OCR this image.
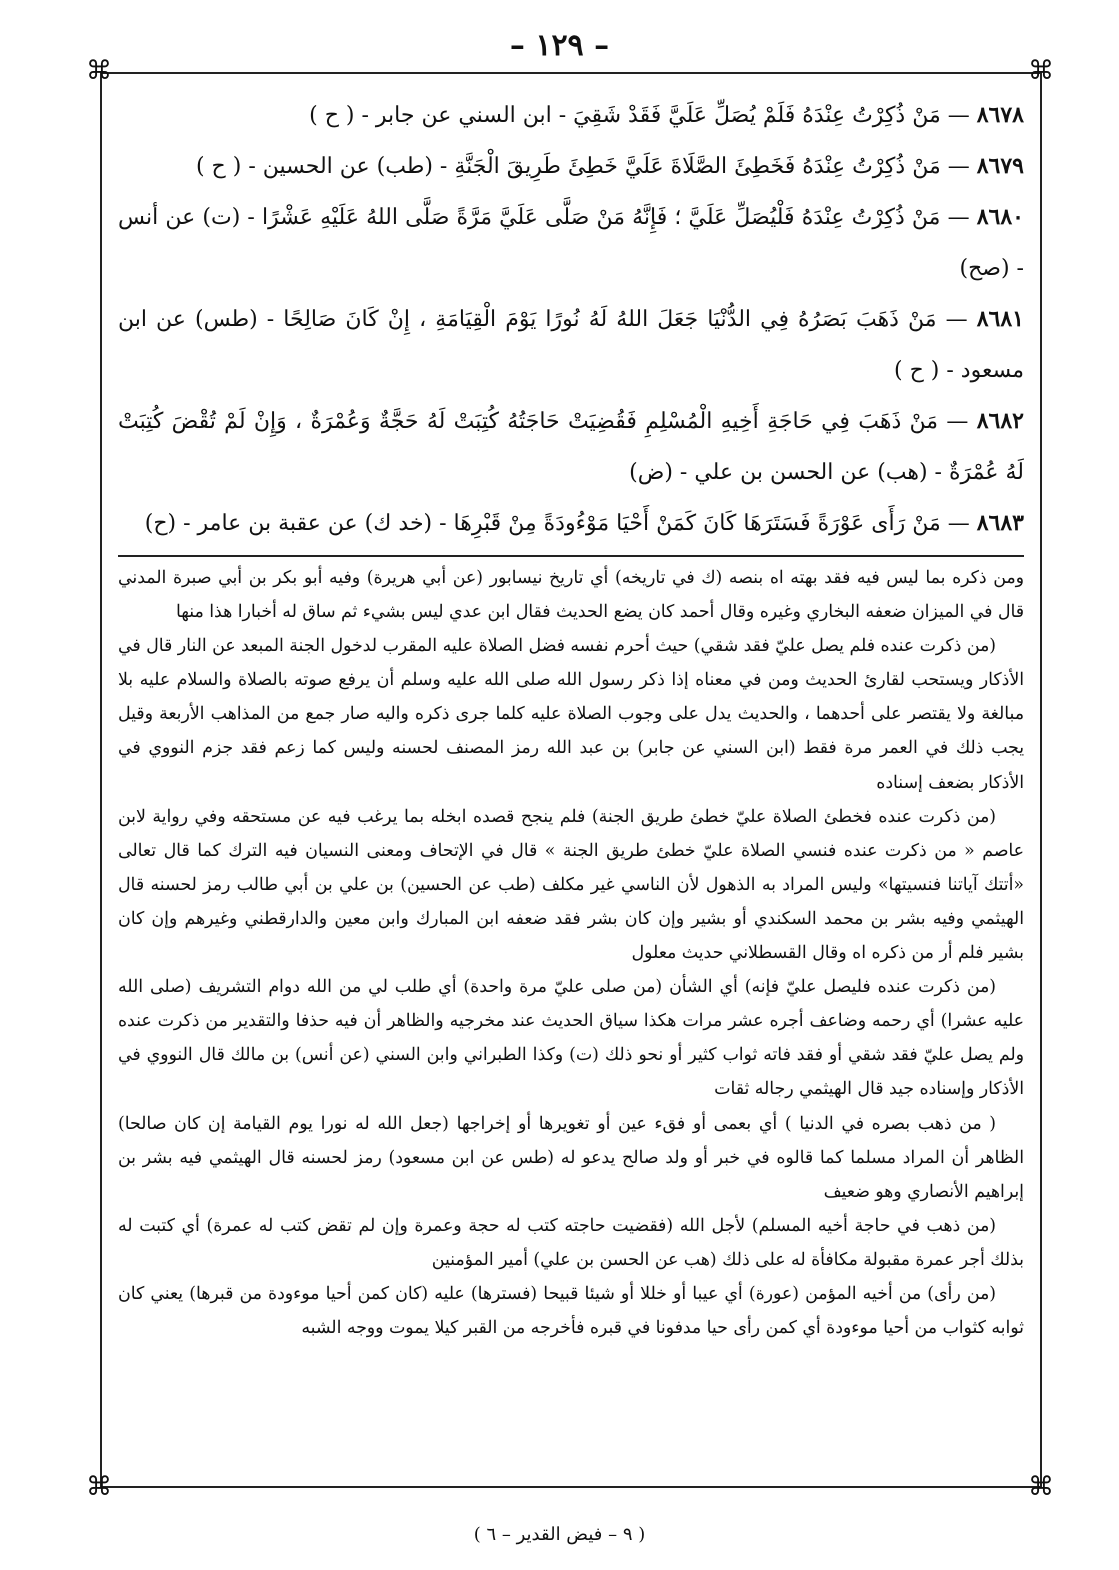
– ١٢٩ –
⌘	⌘
⌘	⌘

٨٦٧٨ — مَنْ ذُكِرْتُ عِنْدَهُ فَلَمْ يُصَلِّ عَلَيَّ فَقَدْ شَقِيَ - ابن السني عن جابر - ( ح )

٨٦٧٩ — مَنْ ذُكِرْتُ عِنْدَهُ فَخَطِئَ الصَّلَاةَ عَلَيَّ خَطِئَ طَرِيقَ الْجَنَّةِ - (طب) عن الحسين - ( ح )

٨٦٨٠ — مَنْ ذُكِرْتُ عِنْدَهُ فَلْيُصَلِّ عَلَيَّ ؛ فَإِنَّهُ مَنْ صَلَّى عَلَيَّ مَرَّةً صَلَّى اللهُ عَلَيْهِ عَشْرًا - (ت) عن أنس - (صح)

٨٦٨١ — مَنْ ذَهَبَ بَصَرُهُ فِي الدُّنْيَا جَعَلَ اللهُ لَهُ نُورًا يَوْمَ الْقِيَامَةِ ، إِنْ كَانَ صَالِحًا - (طس) عن ابن مسعود - ( ح )

٨٦٨٢ — مَنْ ذَهَبَ فِي حَاجَةِ أَخِيهِ الْمُسْلِمِ فَقُضِيَتْ حَاجَتُهُ كُتِبَتْ لَهُ حَجَّةٌ وَعُمْرَةٌ ، وَإِنْ لَمْ تُقْضَ كُتِبَتْ لَهُ عُمْرَةٌ - (هب) عن الحسن بن علي - (ض)

٨٦٨٣ — مَنْ رَأَى عَوْرَةً فَسَتَرَهَا كَانَ كَمَنْ أَحْيَا مَوْءُودَةً مِنْ قَبْرِهَا - (خد ك) عن عقبة بن عامر - (ح)

ومن ذكره بما ليس فيه فقد بهته اه بنصه (ك في تاريخه) أي تاريخ نيسابور (عن أبي هريرة) وفيه أبو بكر بن أبي صبرة المدني قال في الميزان ضعفه البخاري وغيره وقال أحمد كان يضع الحديث فقال ابن عدي ليس بشيء ثم ساق له أخبارا هذا منها

(من ذكرت عنده فلم يصل عليّ فقد شقي) حيث أحرم نفسه فضل الصلاة عليه المقرب لدخول الجنة المبعد عن النار قال في الأذكار ويستحب لقارئ الحديث ومن في معناه إذا ذكر رسول الله صلى الله عليه وسلم أن يرفع صوته بالصلاة والسلام عليه بلا مبالغة ولا يقتصر على أحدهما ، والحديث يدل على وجوب الصلاة عليه كلما جرى ذكره واليه صار جمع من المذاهب الأربعة وقيل يجب ذلك في العمر مرة فقط (ابن السني عن جابر) بن عبد الله رمز المصنف لحسنه وليس كما زعم فقد جزم النووي في الأذكار بضعف إسناده

(من ذكرت عنده فخطئ الصلاة عليّ خطئ طريق الجنة) فلم ينجح قصده ابخله بما يرغب فيه عن مستحقه وفي رواية لابن عاصم « من ذكرت عنده فنسي الصلاة عليّ خطئ طريق الجنة » قال في الإتحاف ومعنى النسيان فيه الترك كما قال تعالى «أتتك آياتنا فنسيتها» وليس المراد به الذهول لأن الناسي غير مكلف (طب عن الحسين) بن علي بن أبي طالب رمز لحسنه قال الهيثمي وفيه بشر بن محمد السكندي أو بشير وإن كان بشر فقد ضعفه ابن المبارك وابن معين والدارقطني وغيرهم وإن كان بشير فلم أر من ذكره اه وقال القسطلاني حديث معلول

(من ذكرت عنده فليصل عليّ فإنه) أي الشأن (من صلى عليّ مرة واحدة) أي طلب لي من الله دوام التشريف (صلى الله عليه عشرا) أي رحمه وضاعف أجره عشر مرات هكذا سياق الحديث عند مخرجيه والظاهر أن فيه حذفا والتقدير من ذكرت عنده ولم يصل عليّ فقد شقي أو فقد فاته ثواب كثير أو نحو ذلك (ت) وكذا الطبراني وابن السني (عن أنس) بن مالك قال النووي في الأذكار وإسناده جيد قال الهيثمي رجاله ثقات

( من ذهب بصره في الدنيا ) أي بعمى أو فقء عين أو تغويرها أو إخراجها (جعل الله له نورا يوم القيامة إن كان صالحا) الظاهر أن المراد مسلما كما قالوه في خبر أو ولد صالح يدعو له (طس عن ابن مسعود) رمز لحسنه قال الهيثمي فيه بشر بن إبراهيم الأنصاري وهو ضعيف

(من ذهب في حاجة أخيه المسلم) لأجل الله (فقضيت حاجته كتب له حجة وعمرة وإن لم تقض كتب له عمرة) أي كتبت له بذلك أجر عمرة مقبولة مكافأة له على ذلك (هب عن الحسن بن علي) أمير المؤمنين

(من رأى) من أخيه المؤمن (عورة) أي عيبا أو خللا أو شيئا قبيحا (فسترها) عليه (كان كمن أحيا موءودة من قبرها) يعني كان ثوابه كثواب من أحيا موءودة أي كمن رأى حيا مدفونا في قبره فأخرجه من القبر كيلا يموت ووجه الشبه

( ٩ – فيض القدير – ٦ )
